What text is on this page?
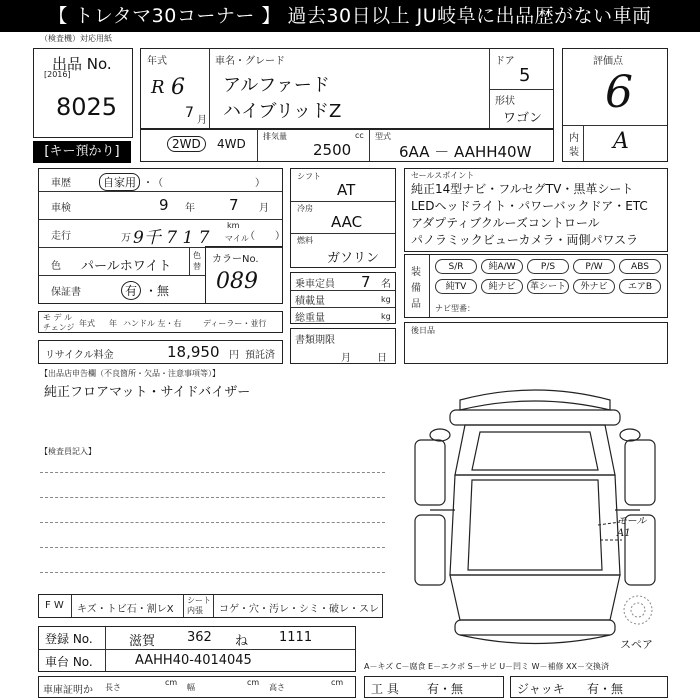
【 トレタマ30コーナー 】 過去30日以上 JU岐阜に出品歴がない車両
（検査機）対応用紙
出品 No.
[2016]
8025
[キー預かり]
年式
R 6
7 月
車名・グレード
アルファード
ハイブリッドZ
ドア
5
形状
ワゴン
評価点
6
内
装 A
2WD	4WD
排気量	cc
2500
型式
6AA － AAHH40W
車歴	自家用 ・ （	）
車検	9 年 7 月
走行	万 9千 7 1 7
km
マイル
（　　）
色 パールホワイト
色
替
保証書	有 ・無
カラーNo.
089
モ デ ル
チェンジ 年式 年 ハンドル 左・右	ディーラー・並行
リサイクル料金	18,950 円 預託済
シフト
AT
冷房
AAC
燃料
ガソリン
乗車定員 7 名
積載量	kg
総重量	kg
書類期限
月	日
セールスポイント
純正14型ナビ・フルセグTV・黒革シート
LEDヘッドライト・パワーバックドア・ETC
アダプティブクルーズコントロール
パノラミックビューカメラ・両側パワスラ
装
備
品
S/R	純A/W	P/S	P/W	ABS
純TV	純ナビ	革シート	外ナビ	エアB
ナビ型番：
後日品
【出品店申告欄（不良箇所・欠品・注意事項等）】
純正フロアマット・サイドバイザー
【検査員記入】
モール A1
スペア
F W キズ・トビ石・割レX
シート
内張 コゲ・穴・汚レ・シミ・破レ・スレ
登録 No.	滋賀 362 ね 1111
車台 No.	AAHH40-4014045	A－キズ C－腐食 E－エクボ S－サビ U－凹ミ W－補修 XX－交換済
車庫証明か 長さ
cm
幅
cm
高さ
cm 工 具 有・無	ジャッキ 有・無
